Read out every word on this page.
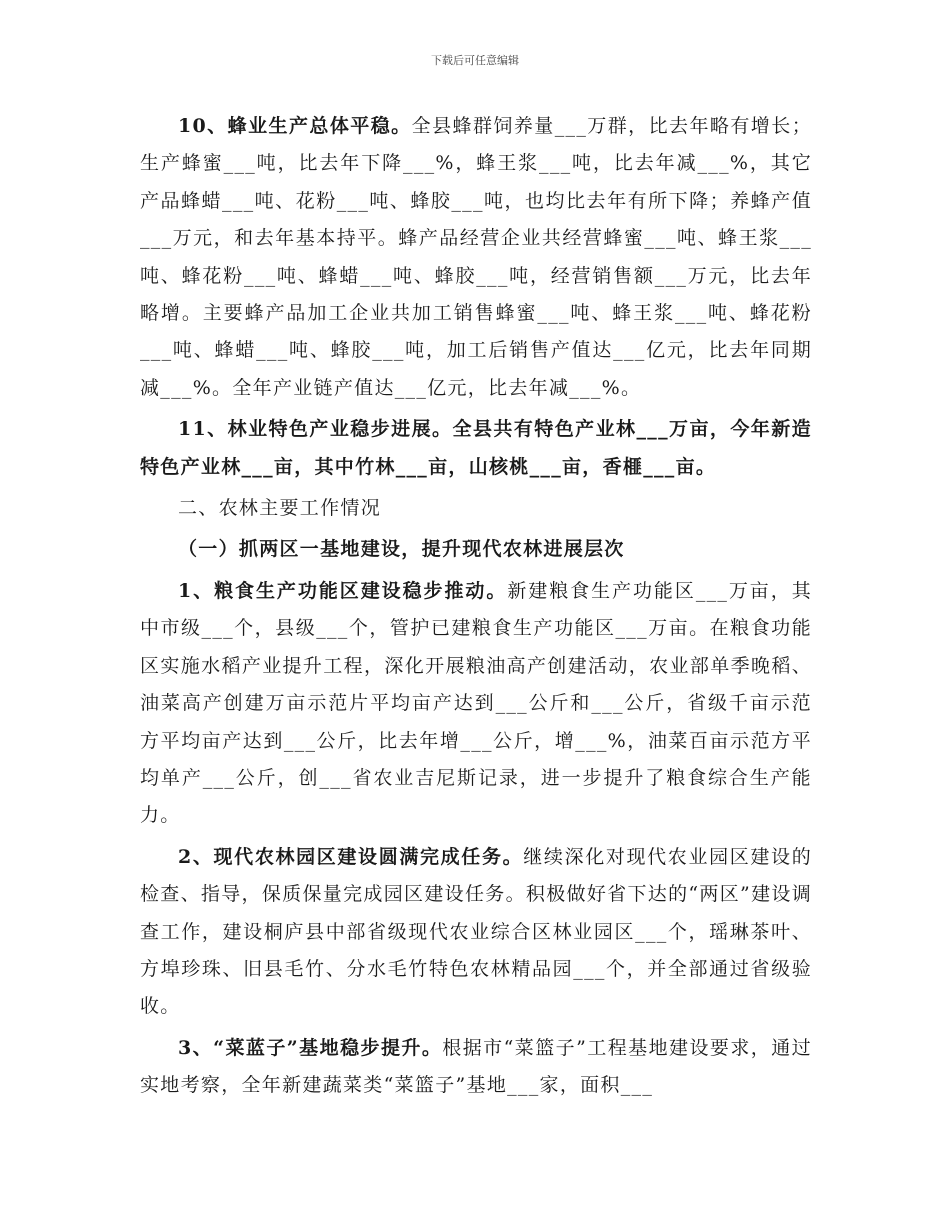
下载后可任意编辑

10、蜂业生产总体平稳。全县蜂群饲养量___万群，比去年略有增长；生产蜂蜜___吨，比去年下降___%，蜂王浆___吨，比去年减___%，其它产品蜂蜡___吨、花粉___吨、蜂胶___吨，也均比去年有所下降；养蜂产值___万元，和去年基本持平。蜂产品经营企业共经营蜂蜜___吨、蜂王浆___吨、蜂花粉___吨、蜂蜡___吨、蜂胶___吨，经营销售额___万元，比去年略增。主要蜂产品加工企业共加工销售蜂蜜___吨、蜂王浆___吨、蜂花粉___吨、蜂蜡___吨、蜂胶___吨，加工后销售产值达___亿元，比去年同期减___%。全年产业链产值达___亿元，比去年减___%。

11、林业特色产业稳步进展。全县共有特色产业林___万亩，今年新造特色产业林___亩，其中竹林___亩，山核桃___亩，香榧___亩。

二、农林主要工作情况

（一）抓两区一基地建设，提升现代农林进展层次

1、粮食生产功能区建设稳步推动。新建粮食生产功能区___万亩，其中市级___个，县级___个，管护已建粮食生产功能区___万亩。在粮食功能区实施水稻产业提升工程，深化开展粮油高产创建活动，农业部单季晚稻、油菜高产创建万亩示范片平均亩产达到___公斤和___公斤，省级千亩示范方平均亩产达到___公斤，比去年增___公斤，增___%，油菜百亩示范方平均单产___公斤，创___省农业吉尼斯记录，进一步提升了粮食综合生产能力。

2、现代农林园区建设圆满完成任务。继续深化对现代农业园区建设的检查、指导，保质保量完成园区建设任务。积极做好省下达的“两区”建设调查工作，建设桐庐县中部省级现代农业综合区林业园区___个，瑶琳茶叶、方埠珍珠、旧县毛竹、分水毛竹特色农林精品园___个，并全部通过省级验收。

3、“菜蓝子”基地稳步提升。根据市“菜篮子”工程基地建设要求，通过实地考察，全年新建蔬菜类“菜篮子”基地___家，面积___
